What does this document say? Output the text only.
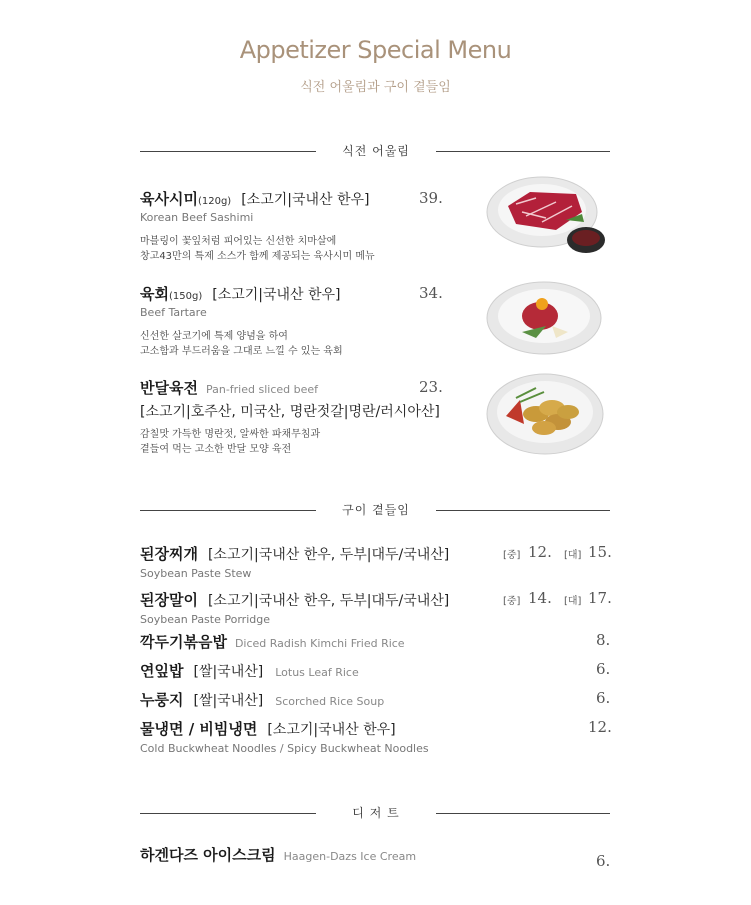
Appetizer Special Menu
식전 어울림과 구이 곁들임
식전 어울림
육사시미(120g) [소고기|국내산 한우]
Korean Beef Sashimi
마블링이 꽃잎처럼 피어있는 신선한 치마살에
창고43만의 특제 소스가 함께 제공되는 육사시미 메뉴
39.
육회(150g) [소고기|국내산 한우]
Beef Tartare
신선한 살코기에 특제 양념을 하여
고소함과 부드러움을 그대로 느낄 수 있는 육회
34.
반달육전 Pan-fried sliced beef
[소고기|호주산, 미국산, 명란젓갈|명란/러시아산]
감칠맛 가득한 명란젓, 알싸한 파채무침과
곁들여 먹는 고소한 반달 모양 육전
23.
구이 곁들임
된장찌개 [소고기|국내산 한우, 두부|대두/국내산]
Soybean Paste Stew
[중] 12. [대] 15.
된장말이 [소고기|국내산 한우, 두부|대두/국내산]
Soybean Paste Porridge
[중] 14. [대] 17.
깍두기볶음밥 Diced Radish Kimchi Fried Rice	8.
연잎밥 [쌀|국내산] Lotus Leaf Rice	6.
누룽지 [쌀|국내산] Scorched Rice Soup	6.
물냉면 / 비빔냉면 [소고기|국내산 한우]
Cold Buckwheat Noodles / Spicy Buckwheat Noodles
12.
디 저 트
하겐다즈 아이스크림 Haagen-Dazs Ice Cream	6.
